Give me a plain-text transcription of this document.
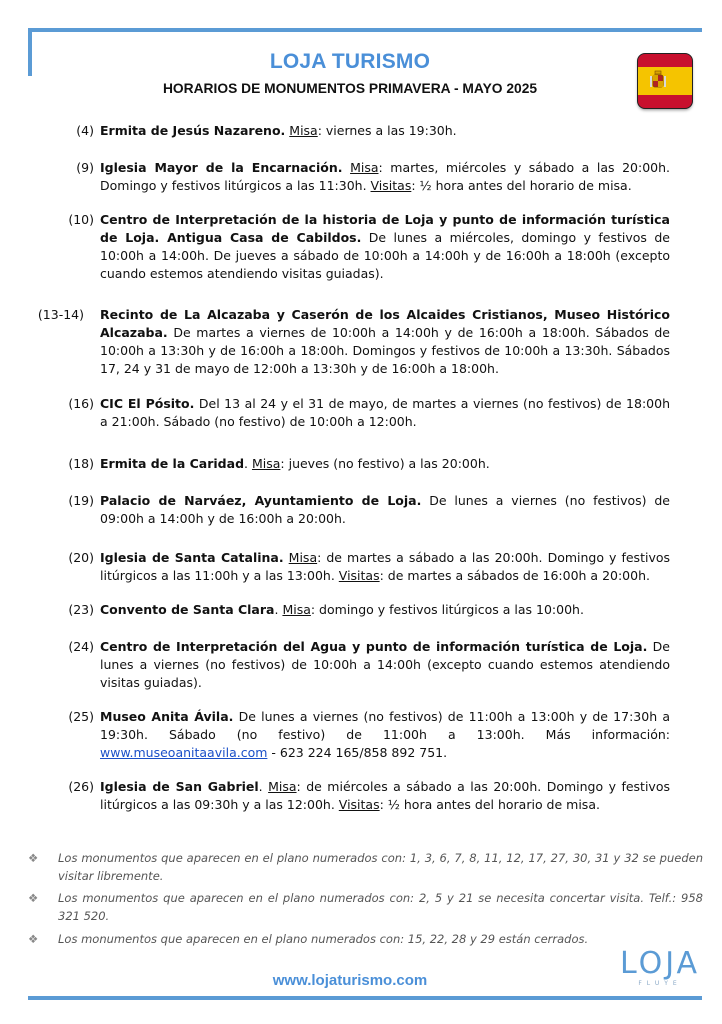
LOJA TURISMO
HORARIOS DE MONUMENTOS PRIMAVERA - MAYO 2025
(4) Ermita de Jesús Nazareno. Misa: viernes a las 19:30h.
(9) Iglesia Mayor de la Encarnación. Misa: martes, miércoles y sábado a las 20:00h. Domingo y festivos litúrgicos a las 11:30h. Visitas: ½ hora antes del horario de misa.
(10) Centro de Interpretación de la historia de Loja y punto de información turística de Loja. Antigua Casa de Cabildos. De lunes a miércoles, domingo y festivos de 10:00h a 14:00h. De jueves a sábado de 10:00h a 14:00h y de 16:00h a 18:00h (excepto cuando estemos atendiendo visitas guiadas).
(13-14) Recinto de La Alcazaba y Caserón de los Alcaides Cristianos, Museo Histórico Alcazaba. De martes a viernes de 10:00h a 14:00h y de 16:00h a 18:00h. Sábados de 10:00h a 13:30h y de 16:00h a 18:00h. Domingos y festivos de 10:00h a 13:30h. Sábados 17, 24 y 31 de mayo de 12:00h a 13:30h y de 16:00h a 18:00h.
(16) CIC El Pósito. Del 13 al 24 y el 31 de mayo, de martes a viernes (no festivos) de 18:00h a 21:00h. Sábado (no festivo) de 10:00h a 12:00h.
(18) Ermita de la Caridad. Misa: jueves (no festivo) a las 20:00h.
(19) Palacio de Narváez, Ayuntamiento de Loja. De lunes a viernes (no festivos) de 09:00h a 14:00h y de 16:00h a 20:00h.
(20) Iglesia de Santa Catalina. Misa: de martes a sábado a las 20:00h. Domingo y festivos litúrgicos a las 11:00h y a las 13:00h. Visitas: de martes a sábados de 16:00h a 20:00h.
(23) Convento de Santa Clara. Misa: domingo y festivos litúrgicos a las 10:00h.
(24) Centro de Interpretación del Agua y punto de información turística de Loja. De lunes a viernes (no festivos) de 10:00h a 14:00h (excepto cuando estemos atendiendo visitas guiadas).
(25) Museo Anita Ávila. De lunes a viernes (no festivos) de 11:00h a 13:00h y de 17:30h a 19:30h. Sábado (no festivo) de 11:00h a 13:00h. Más información: www.museoanitaavila.com - 623 224 165/858 892 751.
(26) Iglesia de San Gabriel. Misa: de miércoles a sábado a las 20:00h. Domingo y festivos litúrgicos a las 09:30h y a las 12:00h. Visitas: ½ hora antes del horario de misa.
❖ Los monumentos que aparecen en el plano numerados con: 1, 3, 6, 7, 8, 11, 12, 17, 27, 30, 31 y 32 se pueden visitar libremente.
❖ Los monumentos que aparecen en el plano numerados con: 2, 5 y 21 se necesita concertar visita. Telf.: 958 321 520.
❖ Los monumentos que aparecen en el plano numerados con: 15, 22, 28 y 29 están cerrados.
www.lojaturismo.com	LOJA
FLUYE
